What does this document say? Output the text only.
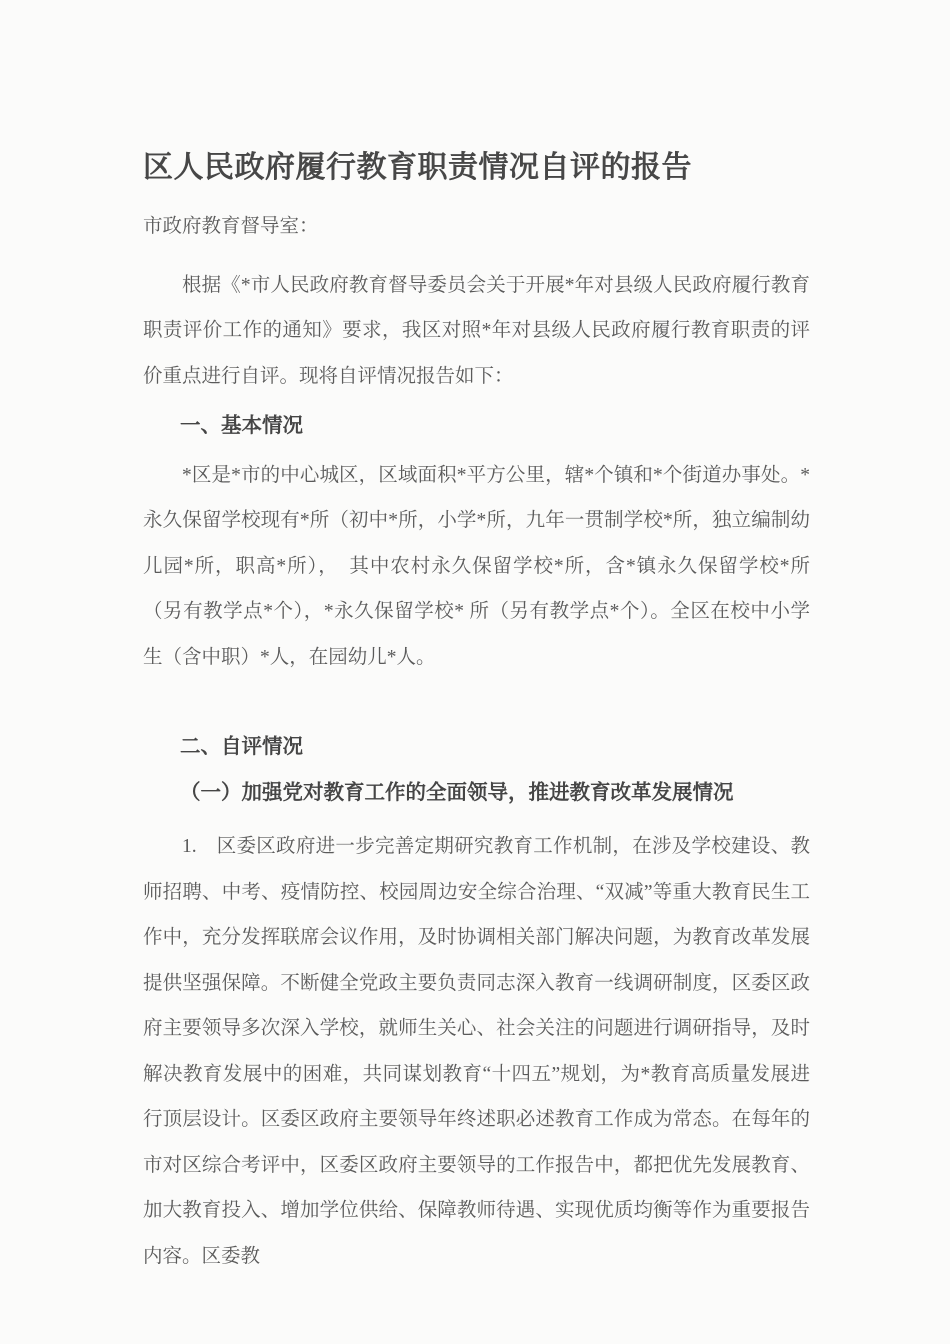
区人民政府履行教育职责情况自评的报告

市政府教育督导室：

根据《*市人民政府教育督导委员会关于开展*年对县级人民政府履行教育职责评价工作的通知》要求，我区对照*年对县级人民政府履行教育职责的评价重点进行自评。现将自评情况报告如下：

一、基本情况

*区是*市的中心城区，区域面积*平方公里，辖*个镇和*个街道办事处。*永久保留学校现有*所（初中*所，小学*所，九年一贯制学校*所，独立编制幼儿园*所，职高*所），　其中农村永久保留学校*所，含*镇永久保留学校*所（另有教学点*个），*永久保留学校* 所（另有教学点*个）。全区在校中小学生（含中职）*人，在园幼儿*人。

二、自评情况
（一）加强党对教育工作的全面领导，推进教育改革发展情况

1.　区委区政府进一步完善定期研究教育工作机制，在涉及学校建设、教师招聘、中考、疫情防控、校园周边安全综合治理、“双减”等重大教育民生工作中，充分发挥联席会议作用，及时协调相关部门解决问题，为教育改革发展提供坚强保障。不断健全党政主要负责同志深入教育一线调研制度，区委区政府主要领导多次深入学校，就师生关心、社会关注的问题进行调研指导，及时解决教育发展中的困难，共同谋划教育“十四五”规划，为*教育高质量发展进行顶层设计。区委区政府主要领导年终述职必述教育工作成为常态。在每年的市对区综合考评中，区委区政府主要领导的工作报告中，都把优先发展教育、加大教育投入、增加学位供给、保障教师待遇、实现优质均衡等作为重要报告内容。区委教
